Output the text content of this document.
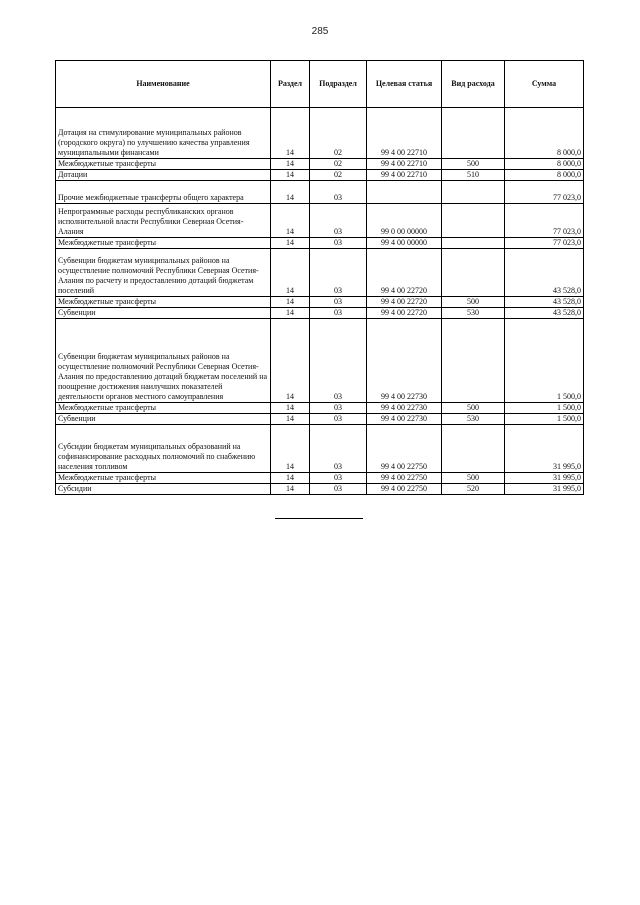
285
Наименование	Раздел	Подраздел	Целевая статья	Вид расхода	Сумма
Дотация на стимулирование муниципальных районов (городского округа) по улучшению качества управления муниципальными финансами	14	02	99 4 00 22710		8 000,0
Межбюджетные трансферты	14	02	99 4 00 22710	500	8 000,0
Дотации	14	02	99 4 00 22710	510	8 000,0
Прочие межбюджетные трансферты общего характера	14	03			77 023,0
Непрограммные расходы республиканских органов исполнительной власти Республики Северная Осетия-Алания	14	03	99 0 00 00000		77 023,0
Межбюджетные трансферты	14	03	99 4 00 00000		77 023,0
Субвенции бюджетам муниципальных районов на осуществление полномочий Республики Северная Осетия-Алания по расчету и предоставлению дотаций бюджетам поселений	14	03	99 4 00 22720		43 528,0
Межбюджетные трансферты	14	03	99 4 00 22720	500	43 528,0
Субвенции	14	03	99 4 00 22720	530	43 528,0
Субвенции бюджетам муниципальных районов на осуществление полномочий Республики Северная Осетия-Алания по предоставлению дотаций бюджетам поселений на поощрение достижения наилучших показателей деятельности органов местного самоуправления	14	03	99 4 00 22730		1 500,0
Межбюджетные трансферты	14	03	99 4 00 22730	500	1 500,0
Субвенции	14	03	99 4 00 22730	530	1 500,0
Субсидии бюджетам муниципальных образований на софинансирование расходных полномочий по снабжению населения топливом	14	03	99 4 00 22750		31 995,0
Межбюджетные трансферты	14	03	99 4 00 22750	500	31 995,0
Субсидии	14	03	99 4 00 22750	520	31 995,0
